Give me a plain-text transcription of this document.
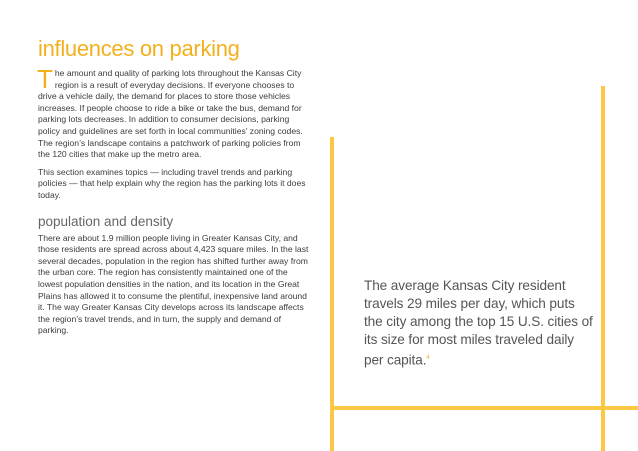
influences on parking

The amount and quality of parking lots throughout the Kansas City region is a result of everyday decisions. If everyone chooses to drive a vehicle daily, the demand for places to store those vehicles increases. If people choose to ride a bike or take the bus, demand for parking lots decreases. In addition to consumer decisions, parking policy and guidelines are set forth in local communities’ zoning codes. The region’s landscape contains a patchwork of parking policies from the 120 cities that make up the metro area.

This section examines topics — including travel trends and parking policies — that help explain why the region has the parking lots it does today.

population and density

There are about 1.9 million people living in Greater Kansas City, and those residents are spread across about 4,423 square miles. In the last several decades, population in the region has shifted further away from the urban core. The region has consistently maintained one of the lowest population densities in the nation, and its location in the Great Plains has allowed it to consume the plentiful, inexpensive land around it. The way Greater Kansas City develops across its landscape affects the region’s travel trends, and in turn, the supply and demand of parking.

The average Kansas City resident travels 29 miles per day, which puts the city among the top 15 U.S. cities of its size for most miles traveled daily per capita.$^4$
